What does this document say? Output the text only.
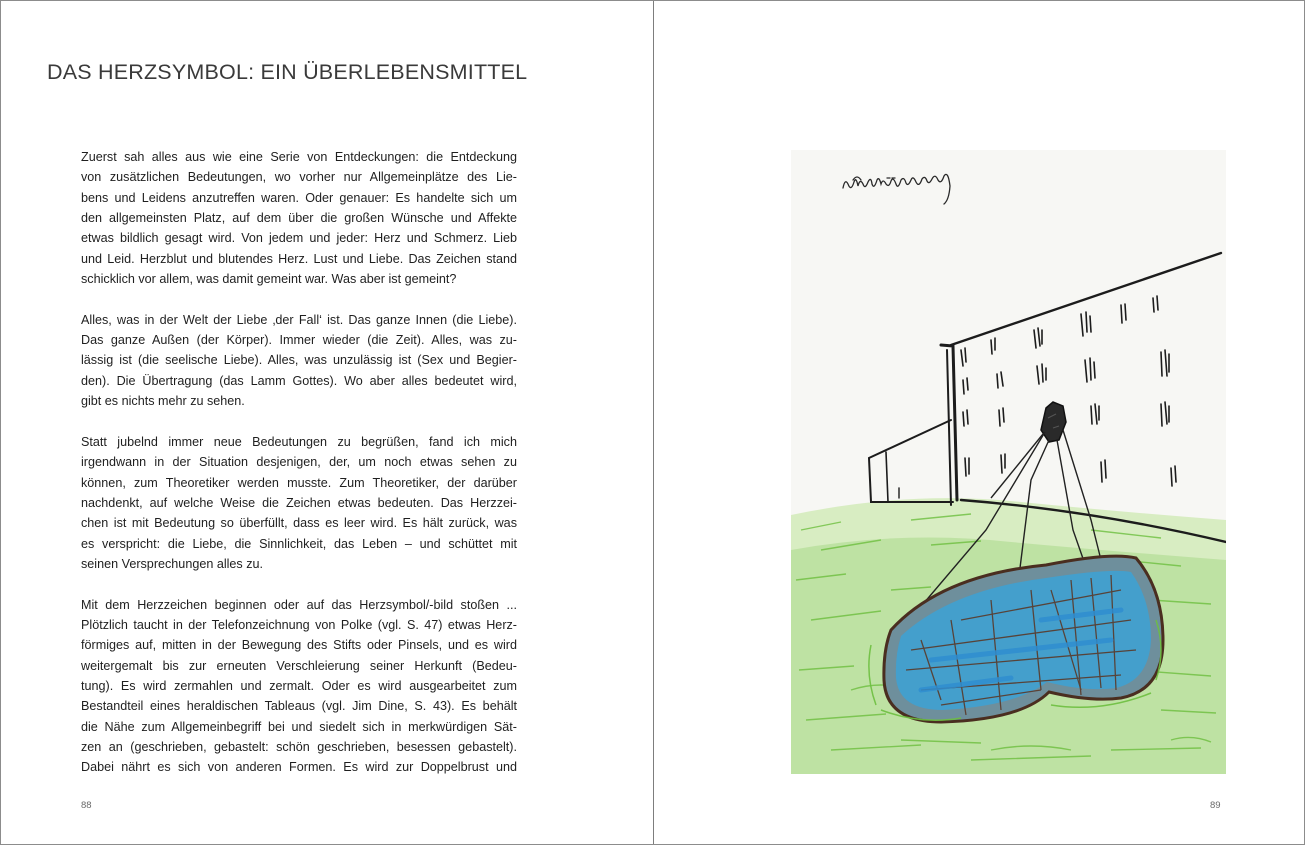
DAS HERZSYMBOL: EIN ÜBERLEBENSMITTEL
Zuerst sah alles aus wie eine Serie von Entdeckungen: die Entdeckung
von zusätzlichen Bedeutungen, wo vorher nur Allgemeinplätze des Lie-
bens und Leidens anzutreffen waren. Oder genauer: Es handelte sich um
den allgemeinsten Platz, auf dem über die großen Wünsche und Affekte
etwas bildlich gesagt wird. Von jedem und jeder: Herz und Schmerz. Lieb
und Leid. Herzblut und blutendes Herz. Lust und Liebe. Das Zeichen stand
schicklich vor allem, was damit gemeint war. Was aber ist gemeint?
Alles, was in der Welt der Liebe ‚der Fall‘ ist. Das ganze Innen (die Liebe).
Das ganze Außen (der Körper). Immer wieder (die Zeit). Alles, was zu-
lässig ist (die seelische Liebe). Alles, was unzulässig ist (Sex und Begier-
den). Die Übertragung (das Lamm Gottes). Wo aber alles bedeutet wird,
gibt es nichts mehr zu sehen.
Statt jubelnd immer neue Bedeutungen zu begrüßen, fand ich mich
irgendwann in der Situation desjenigen, der, um noch etwas sehen zu
können, zum Theoretiker werden musste. Zum Theoretiker, der darüber
nachdenkt, auf welche Weise die Zeichen etwas bedeuten. Das Herzzei-
chen ist mit Bedeutung so überfüllt, dass es leer wird. Es hält zurück, was
es verspricht: die Liebe, die Sinnlichkeit, das Leben – und schüttet mit
seinen Versprechungen alles zu.
Mit dem Herzzeichen beginnen oder auf das Herzsymbol/-bild stoßen ...
Plötzlich taucht in der Telefonzeichnung von Polke (vgl. S. 47) etwas Herz-
förmiges auf, mitten in der Bewegung des Stifts oder Pinsels, und es wird
weitergemalt bis zur erneuten Verschleierung seiner Herkunft (Bedeu-
tung). Es wird zermahlen und zermalt. Oder es wird ausgearbeitet zum
Bestandteil eines heraldischen Tableaus (vgl. Jim Dine, S. 43). Es behält
die Nähe zum Allgemeinbegriff bei und siedelt sich in merkwürdigen Sät-
zen an (geschrieben, gebastelt: schön geschrieben, besessen gebastelt).
Dabei nährt es sich von anderen Formen. Es wird zur Doppelbrust und
88	89
